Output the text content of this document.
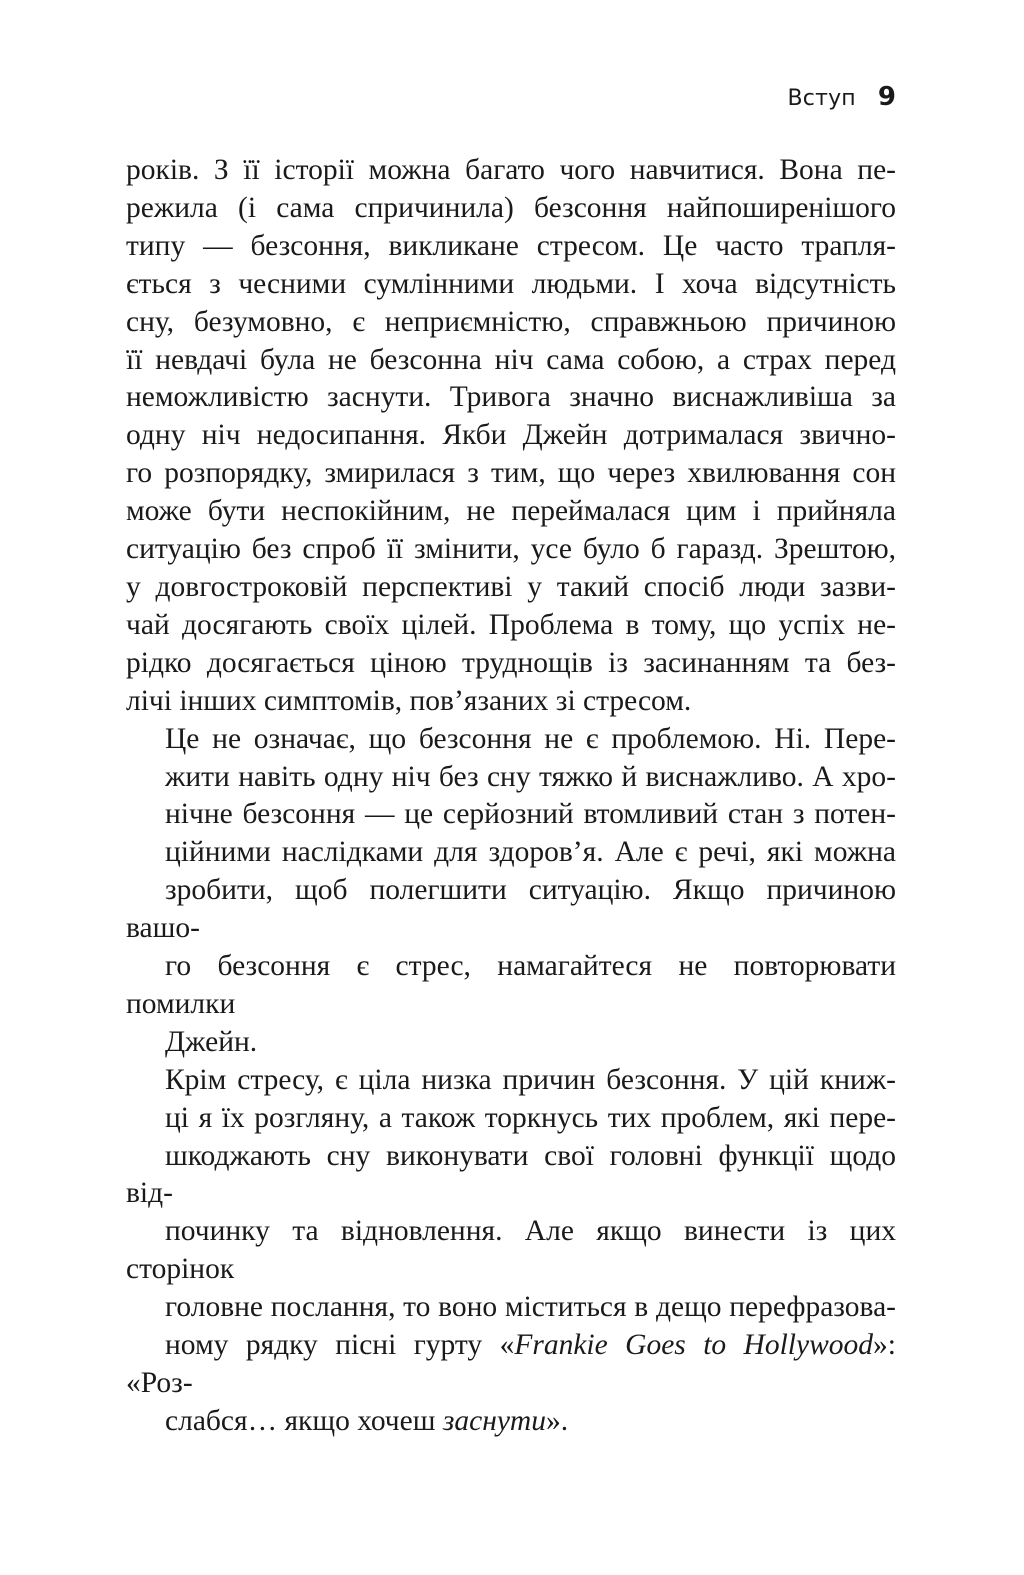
Вступ 9

років. З її історії можна багато чого навчитися. Вона пе-
режила (і сама спричинила) безсоння найпоширенішого
типу — безсоння, викликане стресом. Це часто трапля-
ється з чесними сумлінними людьми. І хоча відсутність
сну, безумовно, є неприємністю, справжньою причиною
її невдачі була не безсонна ніч сама собою, а страх перед
неможливістю заснути. Тривога значно виснажливіша за
одну ніч недосипання. Якби Джейн дотрималася звично-
го розпорядку, змирилася з тим, що через хвилювання сон
може бути неспокійним, не переймалася цим і прийняла
ситуацію без спроб її змінити, усе було б гаразд. Зрештою,
у довгостроковій перспективі у такий спосіб люди зазви-
чай досягають своїх цілей. Проблема в тому, що успіх не-
рідко досягається ціною труднощів із засинанням та без-
лічі інших симптомів, пов’язаних зі стресом.

Це не означає, що безсоння не є проблемою. Ні. Пере-
жити навіть одну ніч без сну тяжко й виснажливо. А хро-
нічне безсоння — це серйозний втомливий стан з потен-
ційними наслідками для здоров’я. Але є речі, які можна
зробити, щоб полегшити ситуацію. Якщо причиною вашо-
го безсоння є стрес, намагайтеся не повторювати помилки
Джейн.

Крім стресу, є ціла низка причин безсоння. У цій книж-
ці я їх розгляну, а також торкнусь тих проблем, які пере-
шкоджають сну виконувати свої головні функції щодо від-
починку та відновлення. Але якщо винести із цих сторінок
головне послання, то воно міститься в дещо перефразова-
ному рядку пісні гурту «Frankie Goes to Hollywood»: «Роз-
слабся… якщо хочеш заснути».
